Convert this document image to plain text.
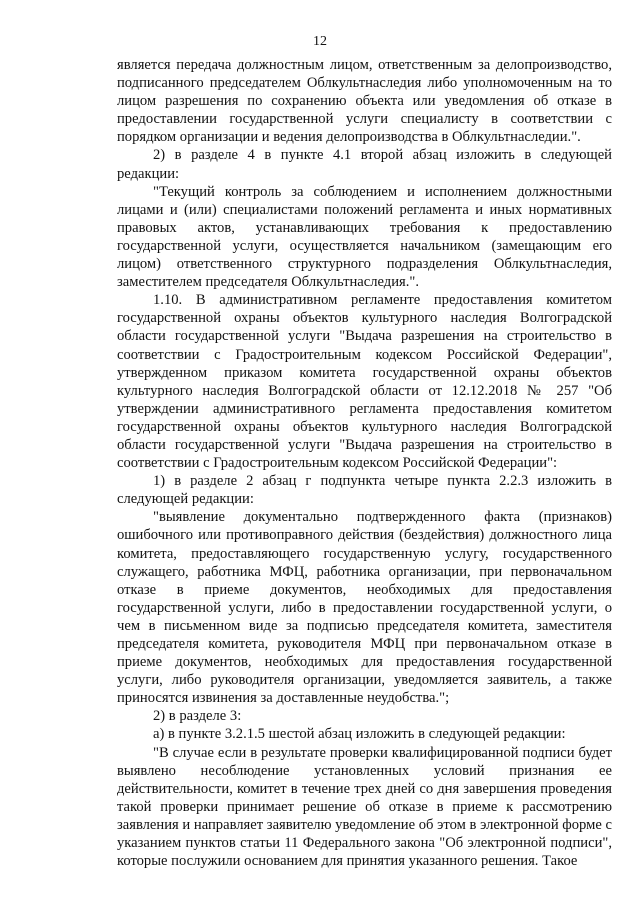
12

является передача должностным лицом, ответственным за делопроизводство, подписанного председателем Облкультнаследия либо уполномоченным на то лицом разрешения по сохранению объекта или уведомления об отказе в предоставлении государственной услуги специалисту в соответствии с порядком организации и ведения делопроизводства в Облкультнаследии.".

2) в разделе 4 в пункте 4.1 второй абзац изложить в следующей редакции:

"Текущий контроль за соблюдением и исполнением должностными лицами и (или) специалистами положений регламента и иных нормативных правовых актов, устанавливающих требования к предоставлению государственной услуги, осуществляется начальником (замещающим его лицом) ответственного структурного подразделения Облкультнаследия, заместителем председателя Облкультнаследия.".

1.10. В административном регламенте предоставления комитетом государственной охраны объектов культурного наследия Волгоградской области государственной услуги "Выдача разрешения на строительство в соответствии с Градостроительным кодексом Российской Федерации", утвержденном приказом комитета государственной охраны объектов культурного наследия Волгоградской области от 12.12.2018 № 257 "Об утверждении административного регламента предоставления комитетом государственной охраны объектов культурного наследия Волгоградской области государственной услуги "Выдача разрешения на строительство в соответствии с Градостроительным кодексом Российской Федерации":

1) в разделе 2 абзац г подпункта четыре пункта 2.2.3 изложить в следующей редакции:

"выявление документально подтвержденного факта (признаков) ошибочного или противоправного действия (бездействия) должностного лица комитета, предоставляющего государственную услугу, государственного служащего, работника МФЦ, работника организации, при первоначальном отказе в приеме документов, необходимых для предоставления государственной услуги, либо в предоставлении государственной услуги, о чем в письменном виде за подписью председателя комитета, заместителя председателя комитета, руководителя МФЦ при первоначальном отказе в приеме документов, необходимых для предоставления государственной услуги, либо руководителя организации, уведомляется заявитель, а также приносятся извинения за доставленные неудобства.";

2) в разделе 3:

а) в пункте 3.2.1.5 шестой абзац изложить в следующей редакции:

"В случае если в результате проверки квалифицированной подписи будет выявлено несоблюдение установленных условий признания ее действительности, комитет в течение трех дней со дня завершения проведения такой проверки принимает решение об отказе в приеме к рассмотрению заявления и направляет заявителю уведомление об этом в электронной форме с указанием пунктов статьи 11 Федерального закона "Об электронной подписи", которые послужили основанием для принятия указанного решения. Такое
